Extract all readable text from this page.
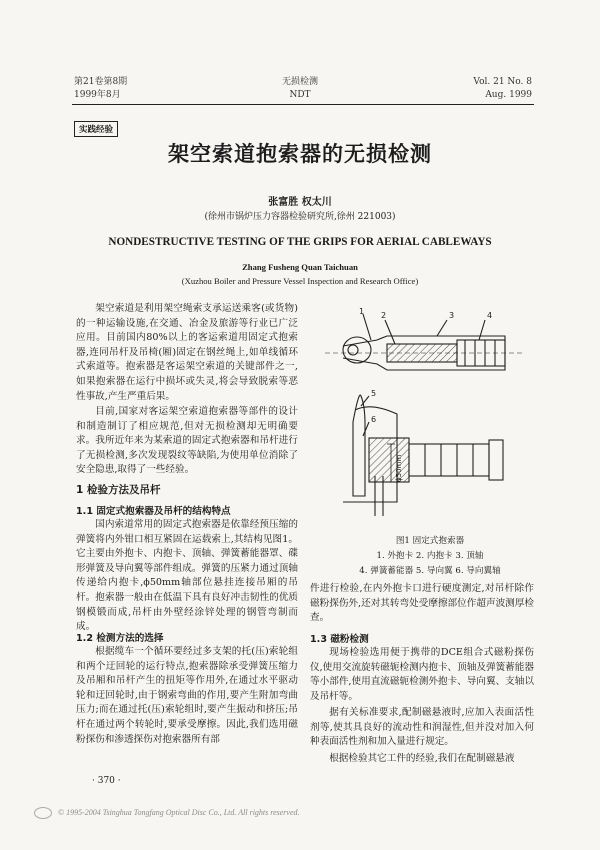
第21卷第8期
1999年8月
无损检测
NDT
Vol. 21 No. 8
Aug. 1999
实践经验
架空索道抱索器的无损检测
张富胜 权太川
(徐州市锅炉压力容器检验研究所,徐州 221003)
NONDESTRUCTIVE TESTING OF THE GRIPS FOR AERIAL CABLEWAYS
Zhang Fusheng Quan Taichuan
(Xuzhou Boiler and Pressure Vessel Inspection and Research Office)

架空索道是利用架空绳索支承运送乘客(或货物)的一种运输设施,在交通、冶金及旅游等行业已广泛应用。目前国内80%以上的客运索道用固定式抱索器,连同吊杆及吊椅(厢)固定在钢丝绳上,如单线循环式索道等。抱索器是客运架空索道的关键部件之一,如果抱索器在运行中损坏或失灵,将会导致脱索等恶性事故,产生严重后果。

目前,国家对客运架空索道抱索器等部件的设计和制造制订了相应规范,但对无损检测却无明确要求。我所近年来为某索道的固定式抱索器和吊杆进行了无损检测,多次发现裂纹等缺陷,为使用单位消除了安全隐患,取得了一些经验。

1 检验方法及吊杆
1.1 固定式抱索器及吊杆的结构特点

国内索道常用的固定式抱索器是依靠经预压缩的弹簧将内外钳口相互紧固在运载索上,其结构见图1。它主要由外抱卡、内抱卡、顶轴、弹簧蓄能器罩、碟形弹簧及导向翼等部件组成。弹簧的压紧力通过顶轴传递给内抱卡,ϕ50mm轴部位悬挂连接吊厢的吊杆。抱索器一般由在低温下具有良好冲击韧性的优质钢模锻而成,吊杆由外壁经涂锌处理的钢管弯制而成。

1.2 检测方法的选择

根据缆车一个循环要经过多支架的托(压)索轮组和两个迂回轮的运行特点,抱索器除承受弹簧压缩力及吊厢和吊杆产生的扭矩等作用外,在通过水平驱动轮和迂回轮时,由于钢索弯曲的作用,要产生附加弯曲压力;而在通过托(压)索轮组时,要产生振动和挤压;吊杆在通过两个转轮时,要承受摩擦。因此,我们选用磁粉探伤和渗透探伤对抱索器所有部

1 2	3	4
5
6
ϕ50mm
图1 固定式抱索器
1. 外抱卡 2. 内抱卡 3. 顶轴
4. 弹簧蓄能器 5. 导向翼 6. 导向翼轴

件进行检验,在内外抱卡口进行硬度测定,对吊杆除作磁粉探伤外,还对其转弯处受摩擦部位作超声波测厚检查。

1.3 磁粉检测

现场检验选用便于携带的DCE组合式磁粉探伤仪,使用交流旋转磁轭检测内抱卡、顶轴及弹簧蓄能器等小部件,使用直流磁轭检测外抱卡、导向翼、支轴以及吊杆等。

据有关标准要求,配制磁悬液时,应加入表面活性剂等,使其具良好的流动性和润湿性,但并没对加入何种表面活性剂和加入量进行规定。

根据检验其它工件的经验,我们在配制磁悬液

· 370 ·
© 1995-2004 Tsinghua Tongfang Optical Disc Co., Ltd. All rights reserved.
